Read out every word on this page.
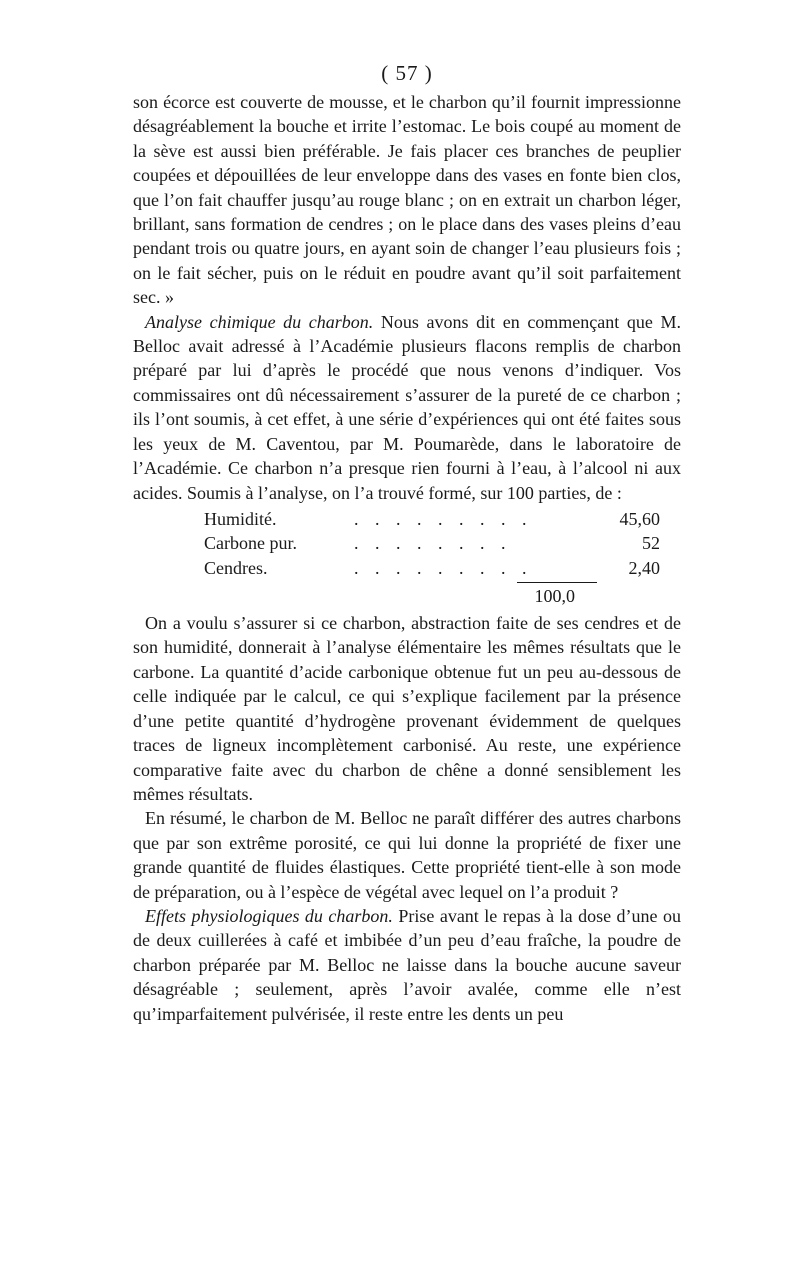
( 57 )

son écorce est couverte de mousse, et le charbon qu’il fournit impressionne désagréablement la bouche et irrite l’estomac. Le bois coupé au moment de la sève est aussi bien préférable. Je fais placer ces branches de peuplier coupées et dépouillées de leur enveloppe dans des vases en fonte bien clos, que l’on fait chauffer jusqu’au rouge blanc ; on en extrait un charbon léger, brillant, sans formation de cendres ; on le place dans des vases pleins d’eau pendant trois ou quatre jours, en ayant soin de changer l’eau plusieurs fois ; on le fait sécher, puis on le réduit en poudre avant qu’il soit parfaitement sec. »

Analyse chimique du charbon. Nous avons dit en commençant que M. Belloc avait adressé à l’Académie plusieurs flacons remplis de charbon préparé par lui d’après le procédé que nous venons d’indiquer. Vos commissaires ont dû nécessairement s’assurer de la pureté de ce charbon ; ils l’ont soumis, à cet effet, à une série d’expériences qui ont été faites sous les yeux de M. Caventou, par M. Poumarède, dans le laboratoire de l’Académie. Ce charbon n’a presque rien fourni à l’eau, à l’alcool ni aux acides. Soumis à l’analyse, on l’a trouvé formé, sur 100 parties, de :

Humidité.	. . . . . . . . .	45,60
Carbone pur.	. . . . . . . .	52
Cendres.	. . . . . . . . .	2,40
100,0

On a voulu s’assurer si ce charbon, abstraction faite de ses cendres et de son humidité, donnerait à l’analyse élémentaire les mêmes résultats que le carbone. La quantité d’acide carbonique obtenue fut un peu au-dessous de celle indiquée par le calcul, ce qui s’explique facilement par la présence d’une petite quantité d’hydrogène provenant évidemment de quelques traces de ligneux incomplètement carbonisé. Au reste, une expérience comparative faite avec du charbon de chêne a donné sensiblement les mêmes résultats.

En résumé, le charbon de M. Belloc ne paraît différer des autres charbons que par son extrême porosité, ce qui lui donne la propriété de fixer une grande quantité de fluides élastiques. Cette propriété tient-elle à son mode de préparation, ou à l’espèce de végétal avec lequel on l’a produit ?

Effets physiologiques du charbon. Prise avant le repas à la dose d’une ou de deux cuillerées à café et imbibée d’un peu d’eau fraîche, la poudre de charbon préparée par M. Belloc ne laisse dans la bouche aucune saveur désagréable ; seulement, après l’avoir avalée, comme elle n’est qu’imparfaitement pulvérisée, il reste entre les dents un peu
